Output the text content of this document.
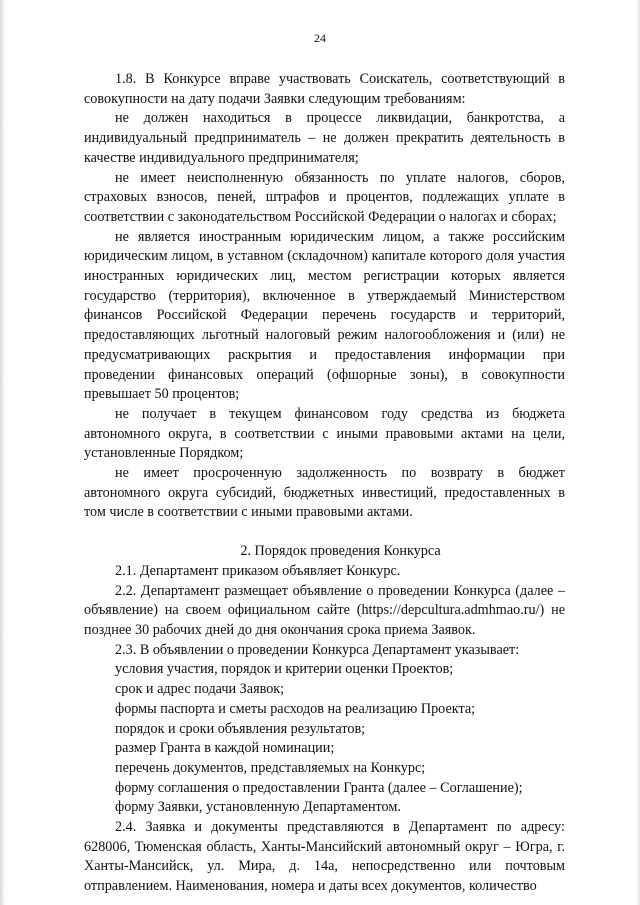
24

1.8. В Конкурсе вправе участвовать Соискатель, соответствующий в совокупности на дату подачи Заявки следующим требованиям:

не должен находиться в процессе ликвидации, банкротства, а индивидуальный предприниматель – не должен прекратить деятельность в качестве индивидуального предпринимателя;

не имеет неисполненную обязанность по уплате налогов, сборов, страховых взносов, пеней, штрафов и процентов, подлежащих уплате в соответствии с законодательством Российской Федерации о налогах и сборах;

не является иностранным юридическим лицом, а также российским юридическим лицом, в уставном (складочном) капитале которого доля участия иностранных юридических лиц, местом регистрации которых является государство (территория), включенное в утверждаемый Министерством финансов Российской Федерации перечень государств и территорий, предоставляющих льготный налоговый режим налогообложения и (или) не предусматривающих раскрытия и предоставления информации при проведении финансовых операций (офшорные зоны), в совокупности превышает 50 процентов;

не получает в текущем финансовом году средства из бюджета автономного округа, в соответствии с иными правовыми актами на цели, установленные Порядком;

не имеет просроченную задолженность по возврату в бюджет автономного округа субсидий, бюджетных инвестиций, предоставленных в том числе в соответствии с иными правовыми актами.

2. Порядок проведения Конкурса

2.1. Департамент приказом объявляет Конкурс.

2.2. Департамент размещает объявление о проведении Конкурса (далее – объявление) на своем официальном сайте (https://depcultura.admhmao.ru/) не позднее 30 рабочих дней до дня окончания срока приема Заявок.

2.3. В объявлении о проведении Конкурса Департамент указывает:

условия участия, порядок и критерии оценки Проектов;

срок и адрес подачи Заявок;

формы паспорта и сметы расходов на реализацию Проекта;

порядок и сроки объявления результатов;

размер Гранта в каждой номинации;

перечень документов, представляемых на Конкурс;

форму соглашения о предоставлении Гранта (далее – Соглашение);

форму Заявки, установленную Департаментом.

2.4. Заявка и документы представляются в Департамент по адресу: 628006, Тюменская область, Ханты-Мансийский автономный округ – Югра, г. Ханты-Мансийск, ул. Мира, д. 14а, непосредственно или почтовым отправлением. Наименования, номера и даты всех документов, количество
